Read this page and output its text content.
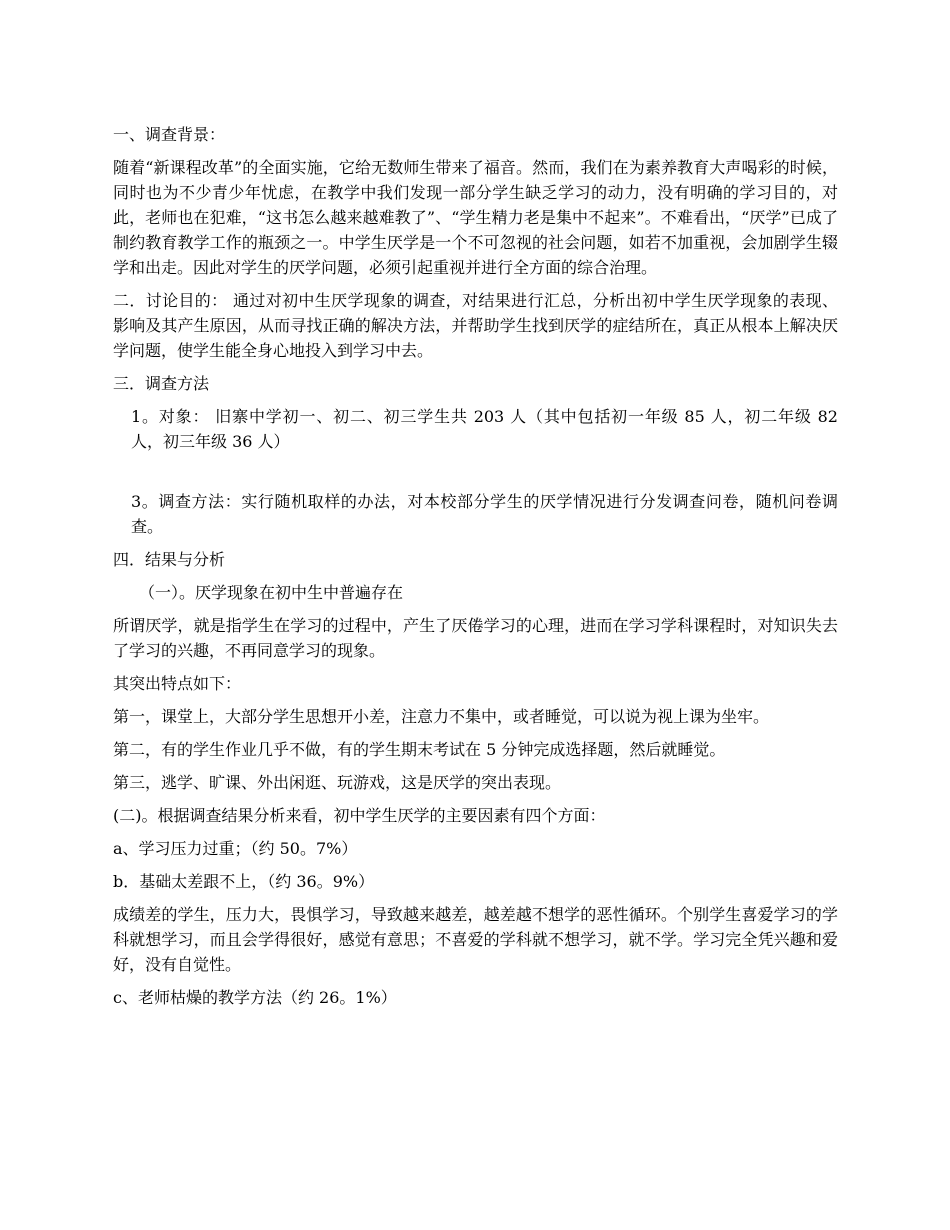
一、调查背景：

随着“新课程改革”的全面实施，它给无数师生带来了福音。然而，我们在为素养教育大声喝彩的时候，同时也为不少青少年忧虑，在教学中我们发现一部分学生缺乏学习的动力，没有明确的学习目的，对此，老师也在犯难，“这书怎么越来越难教了”、“学生精力老是集中不起来”。不难看出，“厌学”已成了制约教育教学工作的瓶颈之一。中学生厌学是一个不可忽视的社会问题，如若不加重视，会加剧学生辍学和出走。因此对学生的厌学问题，必须引起重视并进行全方面的综合治理。

二．讨论目的： 通过对初中生厌学现象的调查，对结果进行汇总，分析出初中学生厌学现象的表现、影响及其产生原因，从而寻找正确的解决方法，并帮助学生找到厌学的症结所在，真正从根本上解决厌学问题，使学生能全身心地投入到学习中去。

三．调查方法

1。对象： 旧寨中学初一、初二、初三学生共 203 人（其中包括初一年级 85 人，初二年级 82 人，初三年级 36 人）

3。调查方法：实行随机取样的办法，对本校部分学生的厌学情况进行分发调查问卷，随机问卷调查。

四．结果与分析

（一）。厌学现象在初中生中普遍存在

所谓厌学，就是指学生在学习的过程中，产生了厌倦学习的心理，进而在学习学科课程时，对知识失去了学习的兴趣，不再同意学习的现象。

其突出特点如下：

第一，课堂上，大部分学生思想开小差，注意力不集中，或者睡觉，可以说为视上课为坐牢。

第二，有的学生作业几乎不做，有的学生期末考试在 5 分钟完成选择题，然后就睡觉。

第三，逃学、旷课、外出闲逛、玩游戏，这是厌学的突出表现。

(二)。根据调查结果分析来看，初中学生厌学的主要因素有四个方面：

a、学习压力过重；（约 50。7%）

b．基础太差跟不上，（约 36。9%）

成绩差的学生，压力大，畏惧学习，导致越来越差，越差越不想学的恶性循环。个别学生喜爱学习的学科就想学习，而且会学得很好，感觉有意思；不喜爱的学科就不想学习，就不学。学习完全凭兴趣和爱好，没有自觉性。

c、老师枯燥的教学方法（约 26。1%）
